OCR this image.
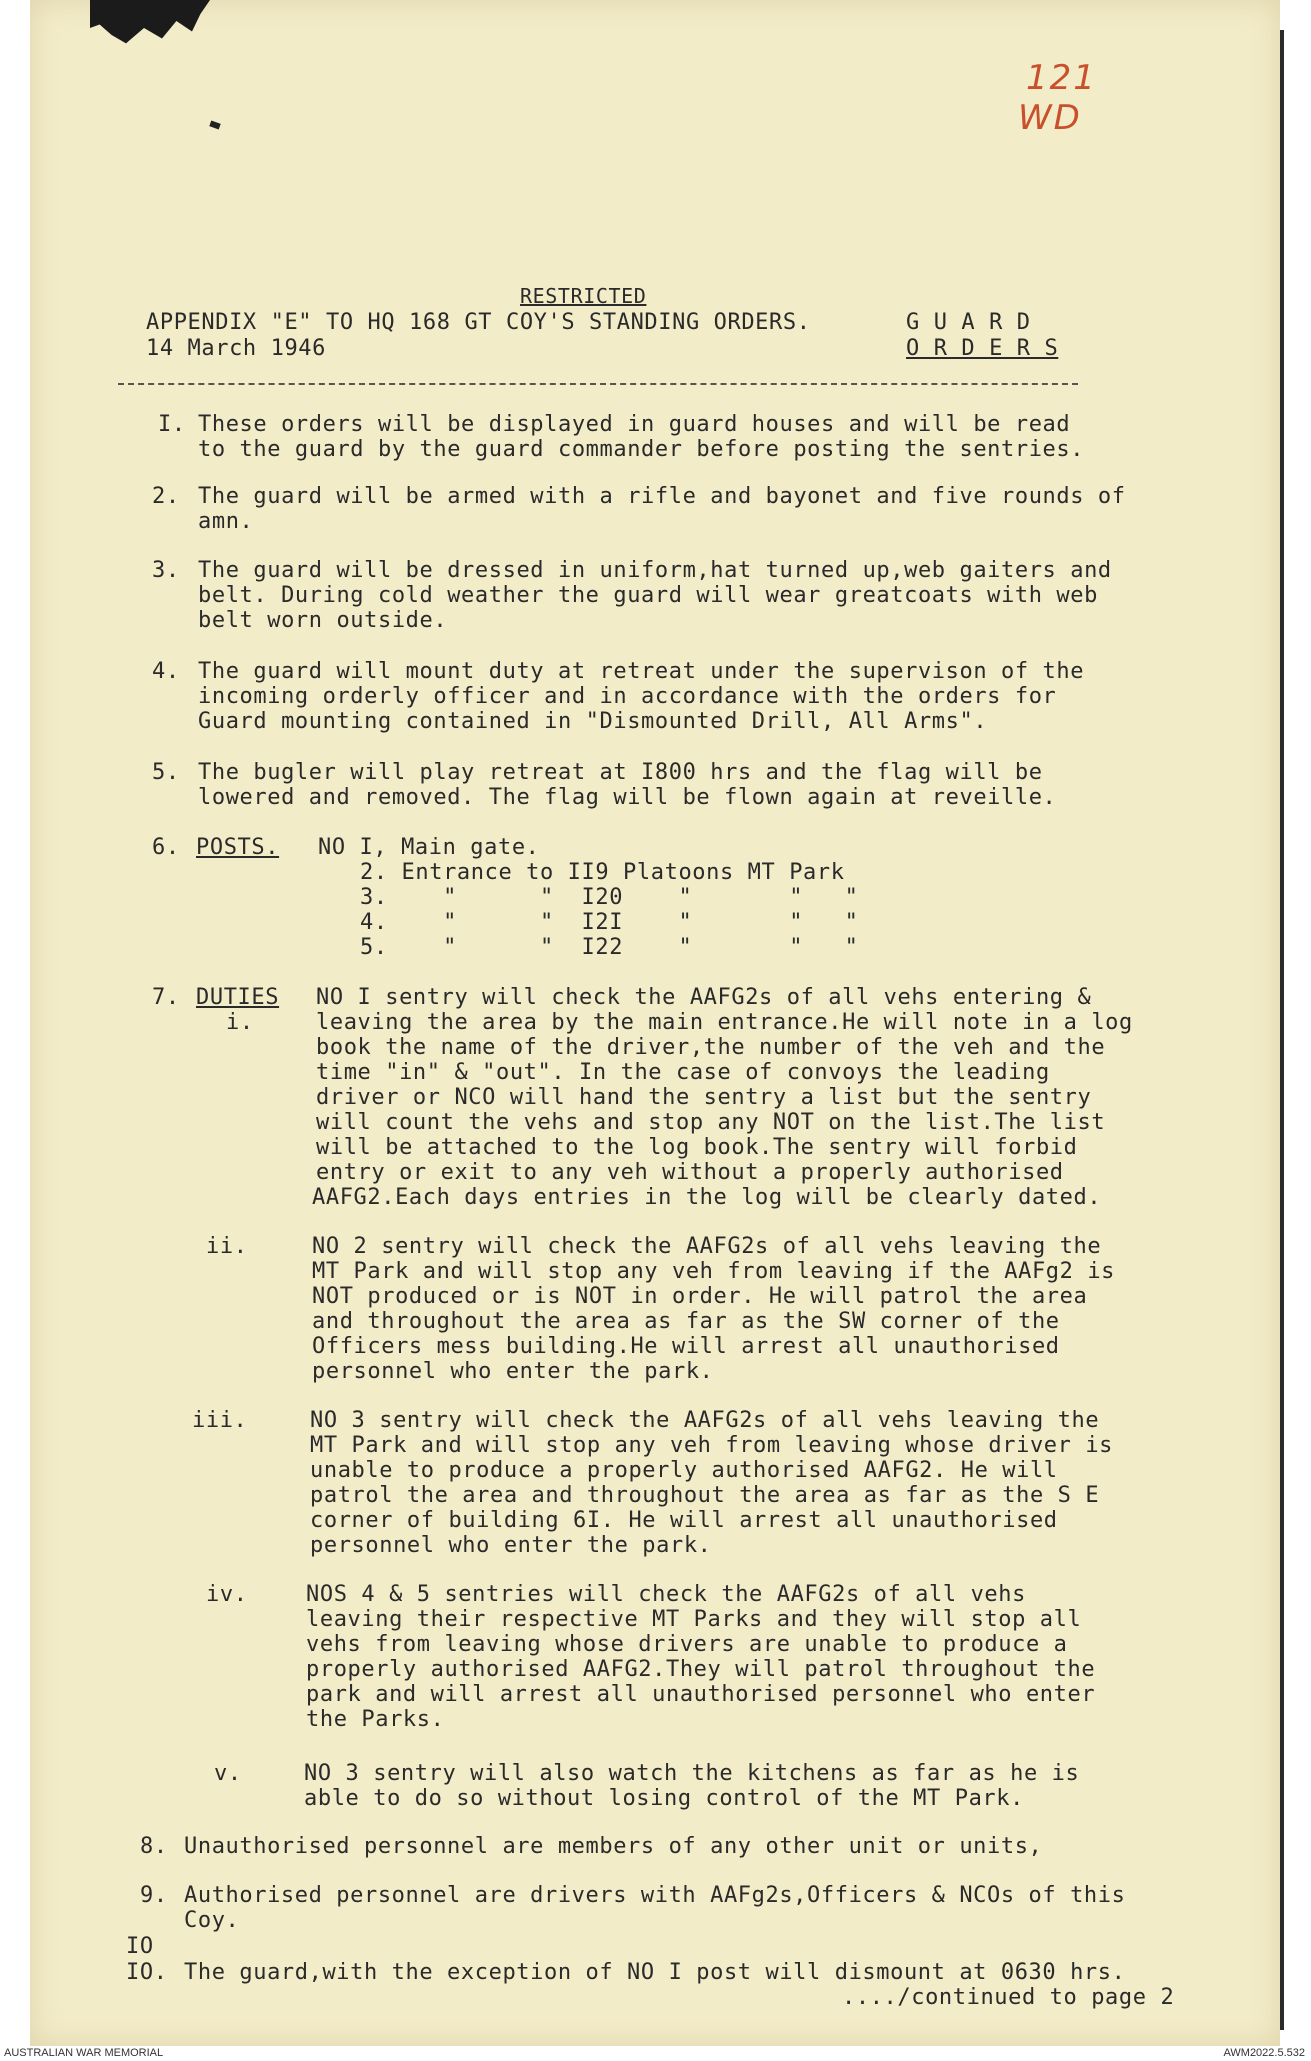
121
WD
RESTRICTED
APPENDIX "E" TO HQ 168 GT COY'S STANDING ORDERS.
14 March 1946
G U A R D
O R D E R S
I. These orders will be displayed in guard houses and will be read
to the guard by the guard commander before posting the sentries.
2. The guard will be armed with a rifle and bayonet and five rounds of
amn.
3. The guard will be dressed in uniform,hat turned up,web gaiters and
belt. During cold weather the guard will wear greatcoats with web
belt worn outside.
4. The guard will mount duty at retreat under the supervison of the
incoming orderly officer and in accordance with the orders for
Guard mounting contained in "Dismounted Drill, All Arms".
5. The bugler will play retreat at I800 hrs and the flag will be
lowered and removed. The flag will be flown again at reveille.
6. POSTS. NO I, Main gate.
2. Entrance to II9 Platoons MT Park
3.    "      "  I20    "       "   "
4.    "      "  I2I    "       "   "
5.    "      "  I22    "       "   "
7. DUTIES
i.
NO I sentry will check the AAFG2s of all vehs entering &
leaving the area by the main entrance.He will note in a log
book the name of the driver,the number of the veh and the
time "in" & "out". In the case of convoys the leading
driver or NCO will hand the sentry a list but the sentry
will count the vehs and stop any NOT on the list.The list
will be attached to the log book.The sentry will forbid
entry or exit to any veh without a properly authorised
AAFG2.Each days entries in the log will be clearly dated.
ii.	NO 2 sentry will check the AAFG2s of all vehs leaving the
MT Park and will stop any veh from leaving if the AAFg2 is
NOT produced or is NOT in order. He will patrol the area
and throughout the area as far as the SW corner of the
Officers mess building.He will arrest all unauthorised
personnel who enter the park.
iii.	NO 3 sentry will check the AAFG2s of all vehs leaving the
MT Park and will stop any veh from leaving whose driver is
unable to produce a properly authorised AAFG2. He will
patrol the area and throughout the area as far as the S E
corner of building 6I. He will arrest all unauthorised
personnel who enter the park.
iv.	NOS 4 & 5 sentries will check the AAFG2s of all vehs
leaving their respective MT Parks and they will stop all
vehs from leaving whose drivers are unable to produce a
properly authorised AAFG2.They will patrol throughout the
park and will arrest all unauthorised personnel who enter
the Parks.
v.	NO 3 sentry will also watch the kitchens as far as he is
able to do so without losing control of the MT Park.
8. Unauthorised personnel are members of any other unit or units,
9. Authorised personnel are drivers with AAFg2s,Officers & NCOs of this
Coy.
IO
IO. The guard,with the exception of NO I post will dismount at 0630 hrs.
..../continued to page 2
AUSTRALIAN WAR MEMORIAL	AWM2022.5.532
